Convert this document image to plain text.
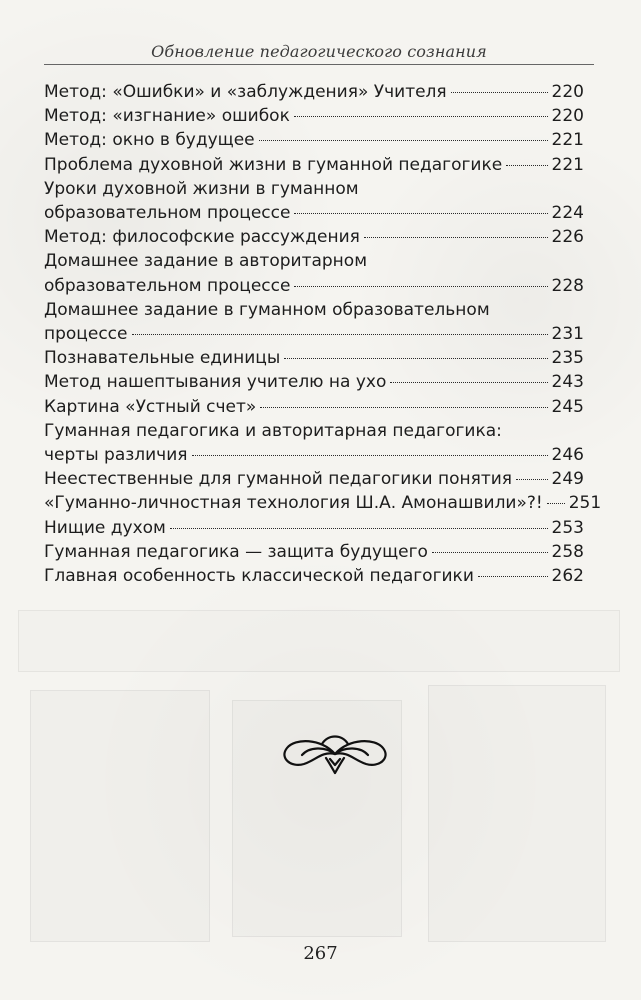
Обновление педагогического сознания
Метод: «Ошибки» и «заблуждения» Учителя	220
Метод: «изгнание» ошибок	220
Метод: окно в будущее	221
Проблема духовной жизни в гуманной педагогике	221
Уроки духовной жизни в гуманном
образовательном процессе	224
Метод: философские рассуждения	226
Домашнее задание в авторитарном
образовательном процессе	228
Домашнее задание в гуманном образовательном
процессе	231
Познавательные единицы	235
Метод нашептывания учителю на ухо	243
Картина «Устный счет»	245
Гуманная педагогика и авторитарная педагогика:
черты различия	246
Неестественные для гуманной педагогики понятия 249
«Гуманно-личностная технология Ш.А. Амонашвили»?! 251
Нищие духом	253
Гуманная педагогика — защита будущего	258
Главная особенность классической педагогики	262
267
